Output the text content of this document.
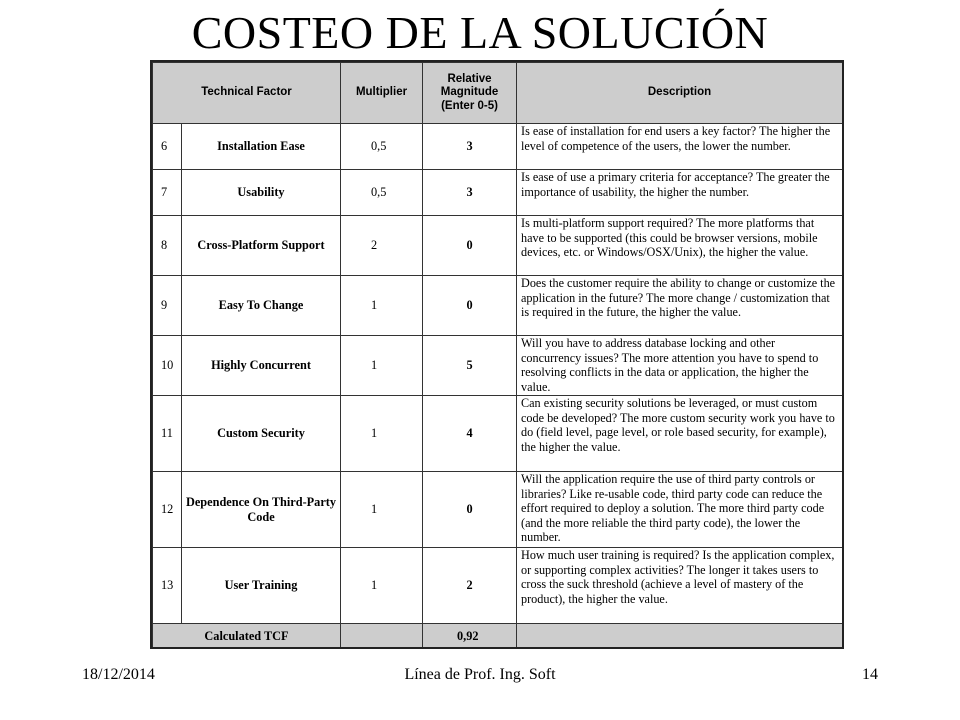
COSTEO DE LA SOLUCIÓN
Technical Factor		Multiplier	Relative Magnitude (Enter 0-5)	Description
6	Installation Ease	0,5	3	Is ease of installation for end users a key factor? The higher the level of competence of the users, the lower the number.
7	Usability	0,5	3	Is ease of use a primary criteria for acceptance? The greater the importance of usability, the higher the number.
8	Cross-Platform Support	2	0	Is multi-platform support required? The more platforms that have to be supported (this could be browser versions, mobile devices, etc. or Windows/OSX/Unix), the higher the value.
9	Easy To Change	1	0	Does the customer require the ability to change or customize the application in the future? The more change / customization that is required in the future, the higher the value.
10	Highly Concurrent	1	5	Will you have to address database locking and other concurrency issues? The more attention you have to spend to resolving conflicts in the data or application, the higher the value.
11	Custom Security	1	4	Can existing security solutions be leveraged, or must custom code be developed? The more custom security work you have to do (field level, page level, or role based security, for example), the higher the value.
12	Dependence On Third-Party Code	1	0	Will the application require the use of third party controls or libraries? Like re-usable code, third party code can reduce the effort required to deploy a solution. The more third party code (and the more reliable the third party code), the lower the number.
13	User Training	1	2	How much user training is required? Is the application complex, or supporting complex activities? The longer it takes users to cross the suck threshold (achieve a level of mastery of the product), the higher the value.
Calculated TCF			0,92	
18/12/2014	Línea de Prof. Ing. Soft	14
